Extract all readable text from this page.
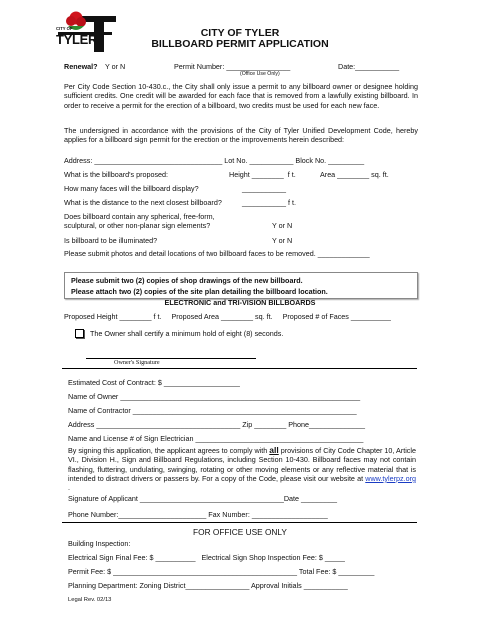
CITY OF
TYLER	CITY OF TYLER
BILLBOARD PERMIT APPLICATION
Renewal? Y or N	Permit Number: ________________
(Office Use Only)
Date:___________
Per City Code Section 10-430.c., the City shall only issue a permit to any billboard owner or designee holding sufficient credits. One credit will be awarded for each face that is removed from a lawfully existing billboard. In order to receive a permit for the erection of a billboard, two credits must be used for each new face.
The undersigned in accordance with the provisions of the City of Tyler Unified Development Code, hereby applies for a billboard sign permit for the erection or the improvements herein described:
Address: ________________________________ Lot No. ___________ Block No. _________
What is the billboard's proposed:	Height ________  f t.	Area ________ sq. ft.
How many faces will the billboard display?	___________
What is the distance to the next closest billboard?	___________ f t.
Does billboard contain any spherical, free-form,
sculptural, or other non-planar sign elements?	Y or N
Is billboard to be illuminated?	Y or N
Please submit photos and detail locations of two billboard faces to be removed. _____________
Please submit two (2) copies of shop drawings of the new billboard.
Please attach two (2) copies of the site plan detailing the billboard location.
ELECTRONIC and TRI-VISION BILLBOARDS
Proposed Height ________ f t.     Proposed Area ________ sq. ft.     Proposed # of Faces __________
The Owner shall certify a minimum hold of eight (8) seconds.
Owner's Signature
Estimated Cost of Contract: $ ___________________
Name of Owner ____________________________________________________________
Name of Contractor ________________________________________________________
Address ____________________________________ Zip ________ Phone______________
Name and License # of Sign Electrician __________________________________________
By signing this application, the applicant agrees to comply with all provisions of City Code Chapter 10, Article VI., Division H., Sign and Billboard Regulations, including Section 10-430. Billboard faces may not contain flashing, fluttering, undulating, swinging, rotating or other moving elements or any reflective material that is intended to distract drivers or passers by. For a copy of the Code, please visit our website at www.tylerpz.org .
Signature of Applicant ____________________________________Date _________
Phone Number:______________________ Fax Number: ___________________
FOR OFFICE USE ONLY
Building Inspection:
Electrical Sign Final Fee: $ __________   Electrical Sign Shop Inspection Fee: $ _____
Permit Fee: $ ______________________________________________ Total Fee: $ _________
Planning Department: Zoning District________________ Approval Initials ___________
Legal Rev. 02/13
